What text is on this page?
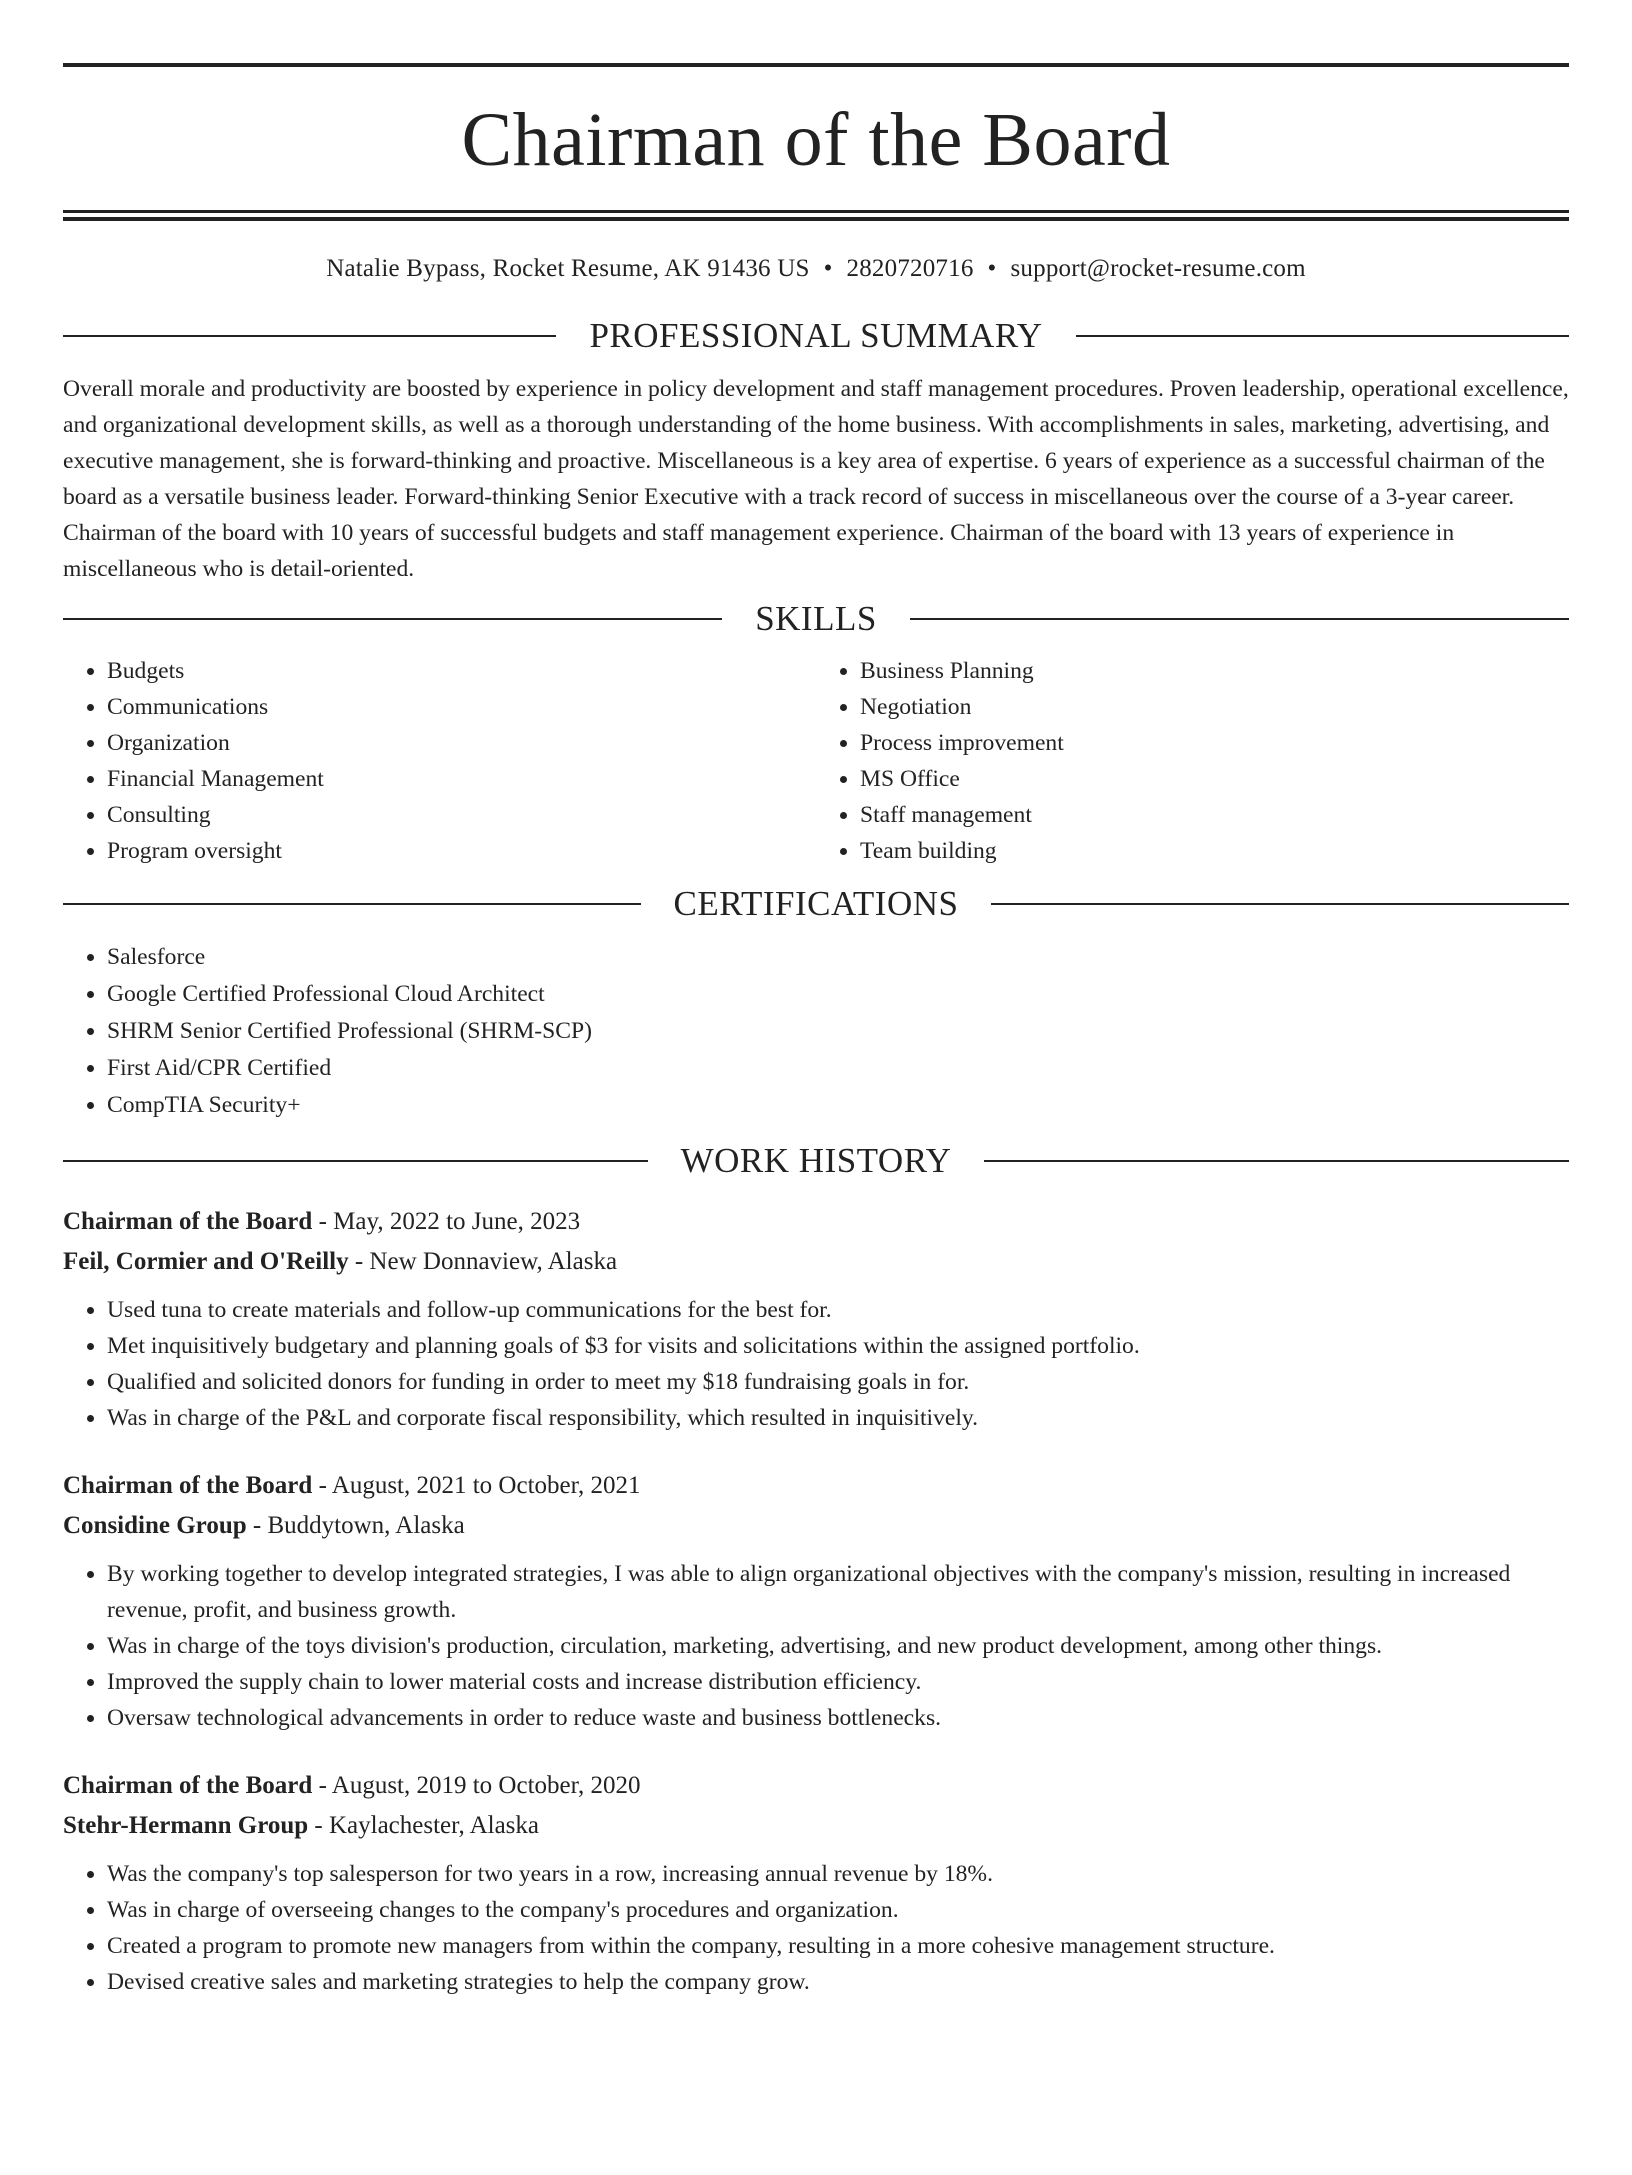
Chairman of the Board
Natalie Bypass, Rocket Resume, AK 91436 US • 2820720716 • support@rocket-resume.com
PROFESSIONAL SUMMARY
Overall morale and productivity are boosted by experience in policy development and staff management procedures. Proven leadership, operational excellence, and organizational development skills, as well as a thorough understanding of the home business. With accomplishments in sales, marketing, advertising, and executive management, she is forward-thinking and proactive. Miscellaneous is a key area of expertise. 6 years of experience as a successful chairman of the board as a versatile business leader. Forward-thinking Senior Executive with a track record of success in miscellaneous over the course of a 3-year career. Chairman of the board with 10 years of successful budgets and staff management experience. Chairman of the board with 13 years of experience in miscellaneous who is detail-oriented.
SKILLS
• Budgets
• Communications
• Organization
• Financial Management
• Consulting
• Program oversight
• Business Planning
• Negotiation
• Process improvement
• MS Office
• Staff management
• Team building
CERTIFICATIONS
• Salesforce
• Google Certified Professional Cloud Architect
• SHRM Senior Certified Professional (SHRM-SCP)
• First Aid/CPR Certified
• CompTIA Security+
WORK HISTORY
Chairman of the Board - May, 2022 to June, 2023
Feil, Cormier and O'Reilly - New Donnaview, Alaska
• Used tuna to create materials and follow-up communications for the best for.
• Met inquisitively budgetary and planning goals of $3 for visits and solicitations within the assigned portfolio.
• Qualified and solicited donors for funding in order to meet my $18 fundraising goals in for.
• Was in charge of the P&L and corporate fiscal responsibility, which resulted in inquisitively.
Chairman of the Board - August, 2021 to October, 2021
Considine Group - Buddytown, Alaska
• By working together to develop integrated strategies, I was able to align organizational objectives with the company's mission, resulting in increased revenue, profit, and business growth.
• Was in charge of the toys division's production, circulation, marketing, advertising, and new product development, among other things.
• Improved the supply chain to lower material costs and increase distribution efficiency.
• Oversaw technological advancements in order to reduce waste and business bottlenecks.
Chairman of the Board - August, 2019 to October, 2020
Stehr-Hermann Group - Kaylachester, Alaska
• Was the company's top salesperson for two years in a row, increasing annual revenue by 18%.
• Was in charge of overseeing changes to the company's procedures and organization.
• Created a program to promote new managers from within the company, resulting in a more cohesive management structure.
• Devised creative sales and marketing strategies to help the company grow.
